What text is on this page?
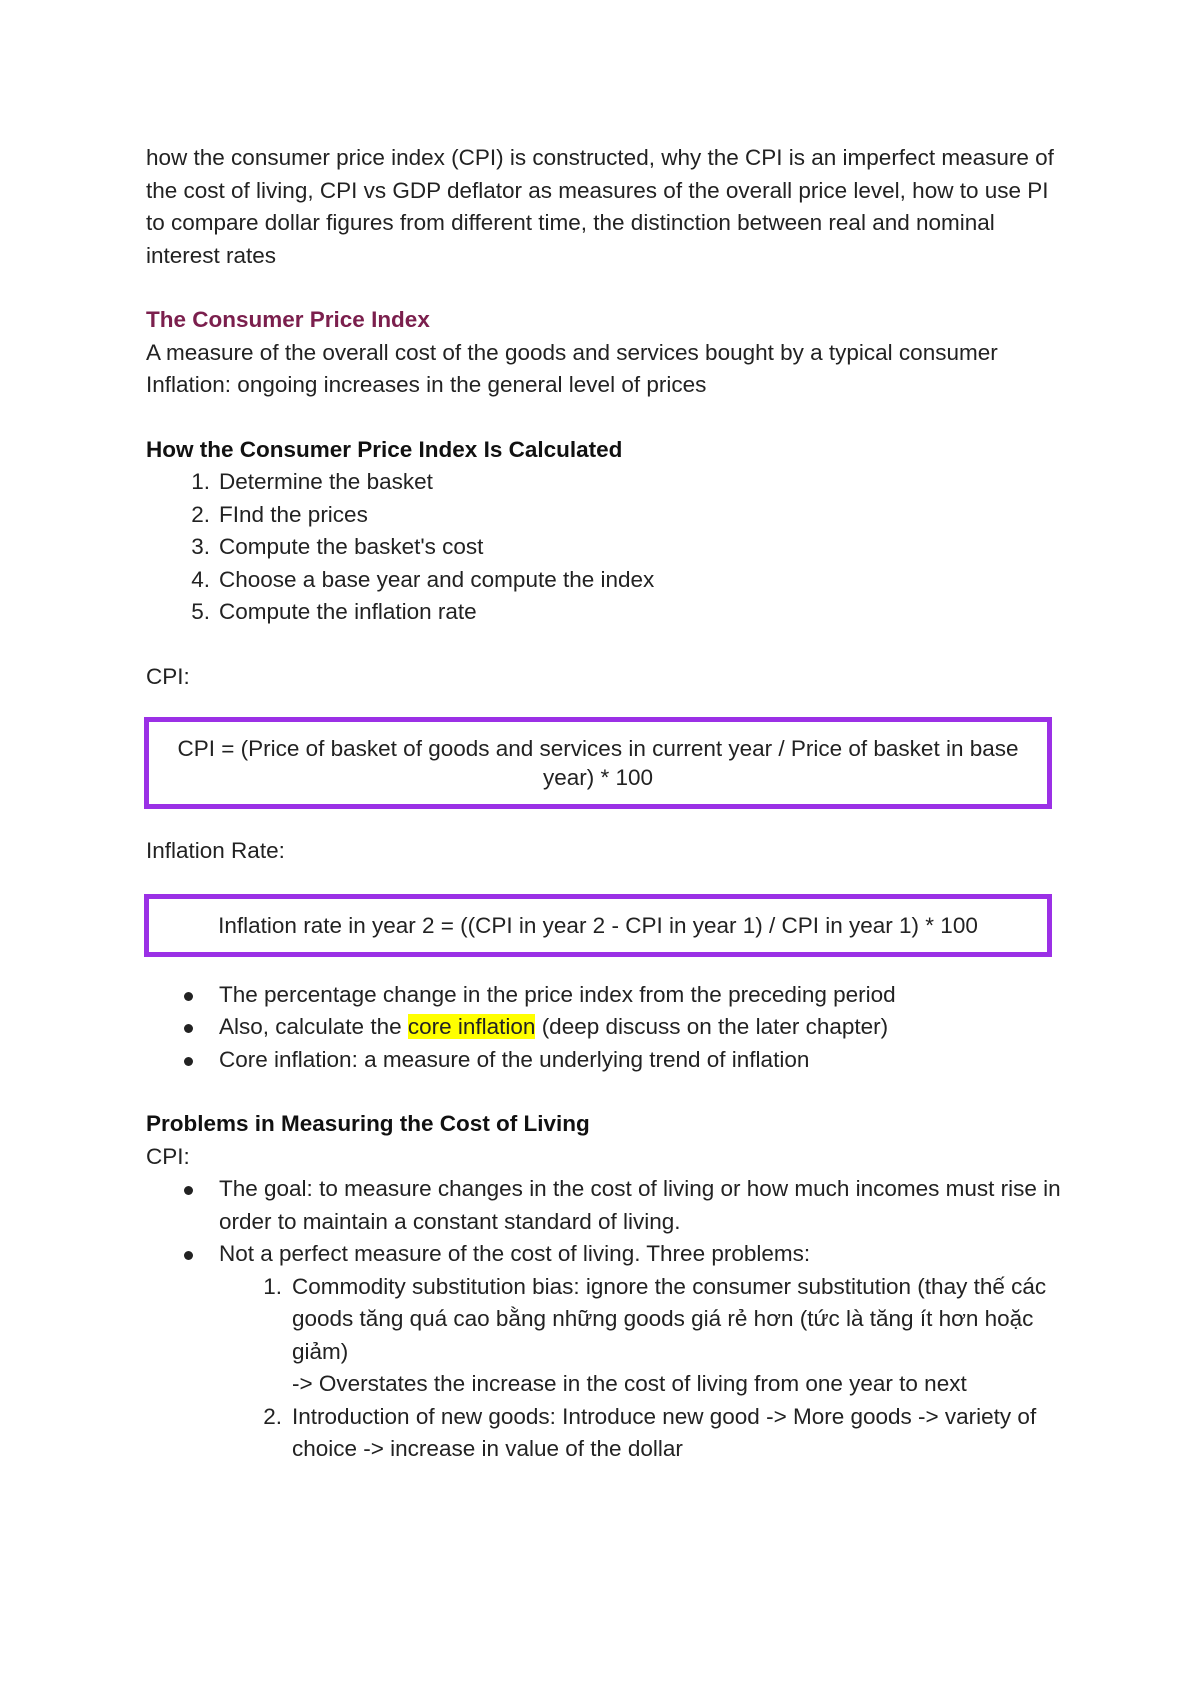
how the consumer price index (CPI) is constructed, why the CPI is an imperfect measure of the cost of living, CPI vs GDP deflator as measures of the overall price level, how to use PI to compare dollar figures from different time, the distinction between real and nominal interest rates

The Consumer Price Index

A measure of the overall cost of the goods and services bought by a typical consumer

Inflation: ongoing increases in the general level of prices

How the Consumer Price Index Is Calculated

1. Determine the basket
2. FInd the prices
3. Compute the basket's cost
4. Choose a base year and compute the index
5. Compute the inflation rate

CPI:

CPI = (Price of basket of goods and services in current year / Price of basket in base year) * 100

Inflation Rate:

Inflation rate in year 2 = ((CPI in year 2 - CPI in year 1) / CPI in year 1) * 100
The percentage change in the price index from the preceding period
Also, calculate the core inflation (deep discuss on the later chapter)
Core inflation: a measure of the underlying trend of inflation

Problems in Measuring the Cost of Living

CPI:

The goal: to measure changes in the cost of living or how much incomes must rise in order to maintain a constant standard of living.
Not a perfect measure of the cost of living. Three problems:
1. Commodity substitution bias: ignore the consumer substitution (thay thế các goods tăng quá cao bằng những goods giá rẻ hơn (tức là tăng ít hơn hoặc giảm)
-> Overstates the increase in the cost of living from one year to next
2. Introduction of new goods: Introduce new good -> More goods -> variety of choice -> increase in value of the dollar
